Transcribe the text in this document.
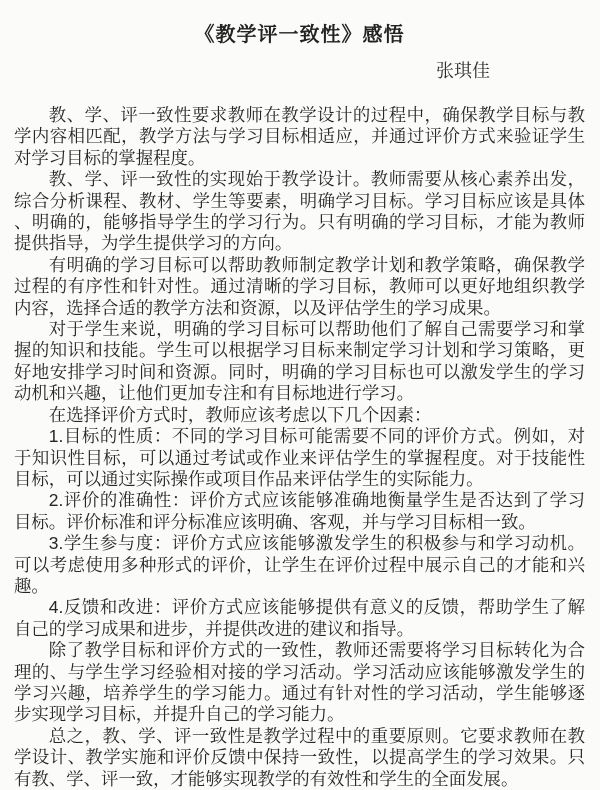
《教学评一致性》感悟
张琪佳

教、学、评一致性要求教师在教学设计的过程中，确保教学目标与教学内容相匹配，教学方法与学习目标相适应，并通过评价方式来验证学生对学习目标的掌握程度。

教、学、评一致性的实现始于教学设计。教师需要从核心素养出发，综合分析课程、教材、学生等要素，明确学习目标。学习目标应该是具体、明确的，能够指导学生的学习行为。只有明确的学习目标，才能为教师提供指导，为学生提供学习的方向。

有明确的学习目标可以帮助教师制定教学计划和教学策略，确保教学过程的有序性和针对性。通过清晰的学习目标，教师可以更好地组织教学内容，选择合适的教学方法和资源，以及评估学生的学习成果。

对于学生来说，明确的学习目标可以帮助他们了解自己需要学习和掌握的知识和技能。学生可以根据学习目标来制定学习计划和学习策略，更好地安排学习时间和资源。同时，明确的学习目标也可以激发学生的学习动机和兴趣，让他们更加专注和有目标地进行学习。

在选择评价方式时，教师应该考虑以下几个因素：

1.目标的性质：不同的学习目标可能需要不同的评价方式。例如，对于知识性目标，可以通过考试或作业来评估学生的掌握程度。对于技能性目标，可以通过实际操作或项目作品来评估学生的实际能力。

2.评价的准确性：评价方式应该能够准确地衡量学生是否达到了学习目标。评价标准和评分标准应该明确、客观，并与学习目标相一致。

3.学生参与度：评价方式应该能够激发学生的积极参与和学习动机。可以考虑使用多种形式的评价，让学生在评价过程中展示自己的才能和兴趣。

4.反馈和改进：评价方式应该能够提供有意义的反馈，帮助学生了解自己的学习成果和进步，并提供改进的建议和指导。

除了教学目标和评价方式的一致性，教师还需要将学习目标转化为合理的、与学生学习经验相对接的学习活动。学习活动应该能够激发学生的学习兴趣，培养学生的学习能力。通过有针对性的学习活动，学生能够逐步实现学习目标，并提升自己的学习能力。

总之，教、学、评一致性是教学过程中的重要原则。它要求教师在教学设计、教学实施和评价反馈中保持一致性，以提高学生的学习效果。只有教、学、评一致，才能够实现教学的有效性和学生的全面发展。
